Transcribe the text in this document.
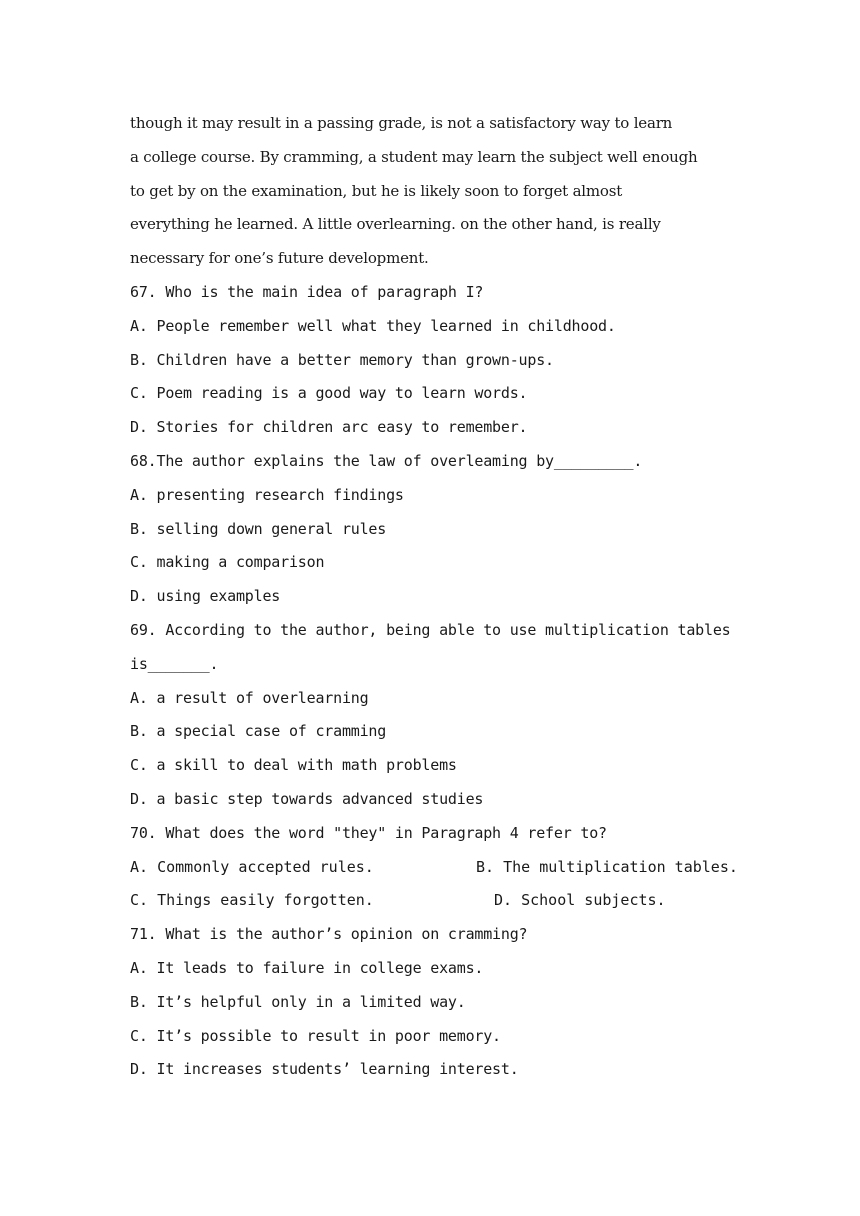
though it may result in a passing grade, is not a satisfactory way to learn
a college course. By cramming, a student may learn the subject well enough
to get by on the examination, but he is likely soon to forget almost
everything he learned. A little overlearning. on the other hand, is really
necessary for one’s future development.
67. Who is the main idea of paragraph I?
A. People remember well what they learned in childhood.
B. Children have a better memory than grown-ups.
C. Poem reading is a good way to learn words.
D. Stories for children arc easy to remember.
68.The author explains the law of overleaming by_________.
A. presenting research findings
B. selling down general rules
C. making a comparison
D. using examples
69. According to the author, being able to use multiplication tables
is_______.
A. a result of overlearning
B. a special case of cramming
C. a skill to deal with math problems
D. a basic step towards advanced studies
70. What does the word "they" in Paragraph 4 refer to?
A. Commonly accepted rules.	B. The multiplication tables.
C. Things easily forgotten.	D. School subjects.
71. What is the author’s opinion on cramming?
A. It leads to failure in college exams.
B. It’s helpful only in a limited way.
C. It’s possible to result in poor memory.
D. It increases students’ learning interest.
